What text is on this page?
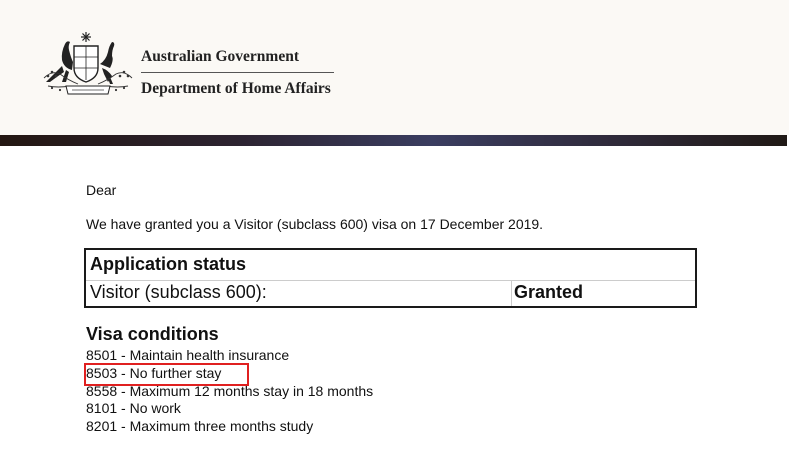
Australian Government
Department of Home Affairs
Dear
We have granted you a Visitor (subclass 600) visa on 17 December 2019.
Application status
Visitor (subclass 600):	Granted
Visa conditions
8501 - Maintain health insurance
8503 - No further stay
8558 - Maximum 12 months stay in 18 months
8101 - No work
8201 - Maximum three months study
